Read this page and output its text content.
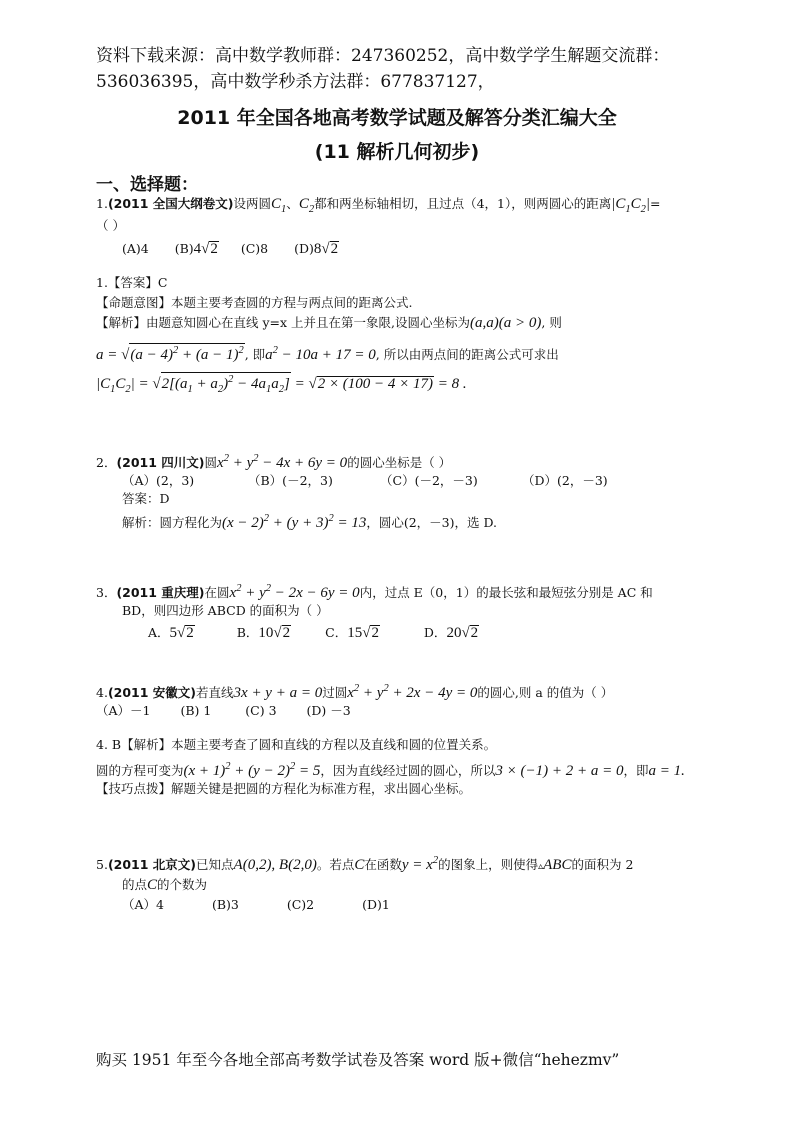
资料下载来源：高中数学教师群：247360252，高中数学学生解题交流群：
536036395，高中数学秒杀方法群：677837127，
2011 年全国各地高考数学试题及解答分类汇编大全
(11 解析几何初步)
一、选择题：
1.(2011 全国大纲卷文)设两圆$C_1$、$C_2$都和两坐标轴相切，且过点（4，1），则两圆心的距离$|C_1C_2|=$
（ ）
(A)4 (B)4√2 (C)8 (D)8√2
1.【答案】C
【命题意图】本题主要考查圆的方程与两点间的距离公式.
【解析】由题意知圆心在直线 y=x 上并且在第一象限,设圆心坐标为(a,a)(a > 0), 则
$a = √(a - 4)^2 + (a - 1)^2$, 即$a^2 - 10a + 17 = 0$, 所以由两点间的距离公式可求出
$|C_1C_2| = √2[(a_1 + a_2)^2 - 4a_1a_2] = √2 \times (100 - 4 \times 17) = 8$ .
2．(2011 四川文)圆$x^2 + y^2 - 4x + 6y = 0$的圆心坐标是（ ）
（A）(2，3)	（B）(－2，3)	（C）(－2，－3)	（D）(2，－3)
答案：D
解析：圆方程化为$(x - 2)^2 + (y + 3)^2 = 13$，圆心(2，－3)，选 D.
3．(2011 重庆理)在圆$x^2 + y^2 - 2x - 6y = 0$内，过点 E（0，1）的最长弦和最短弦分别是 AC 和
BD，则四边形 ABCD 的面积为（ ）
A．5√2	B．10√2	C．15√2	D．20√2
4.(2011 安徽文)若直线3x + y + a = 0过圆$x^2 + y^2 + 2x - 4y = 0$的圆心,则 a 的值为（ ）
（A）－1 (B) 1	(C) 3 (D) －3
4. B【解析】本题主要考查了圆和直线的方程以及直线和圆的位置关系。
圆的方程可变为$(x + 1)^2 + (y - 2)^2 = 5$，因为直线经过圆的圆心，所以3 × (−1) + 2 + a = 0，即a = 1.
【技巧点拨】解题关键是把圆的方程化为标准方程，求出圆心坐标。
5.(2011 北京文)已知点A(0,2), B(2,0)。若点C在函数$y = x^2$的图象上，则使得▵ABC的面积为 2
的点C的个数为
（A）4	(B)3	(C)2	(D)1
购买 1951 年至今各地全部高考数学试卷及答案 word 版+微信“hehezmv”
